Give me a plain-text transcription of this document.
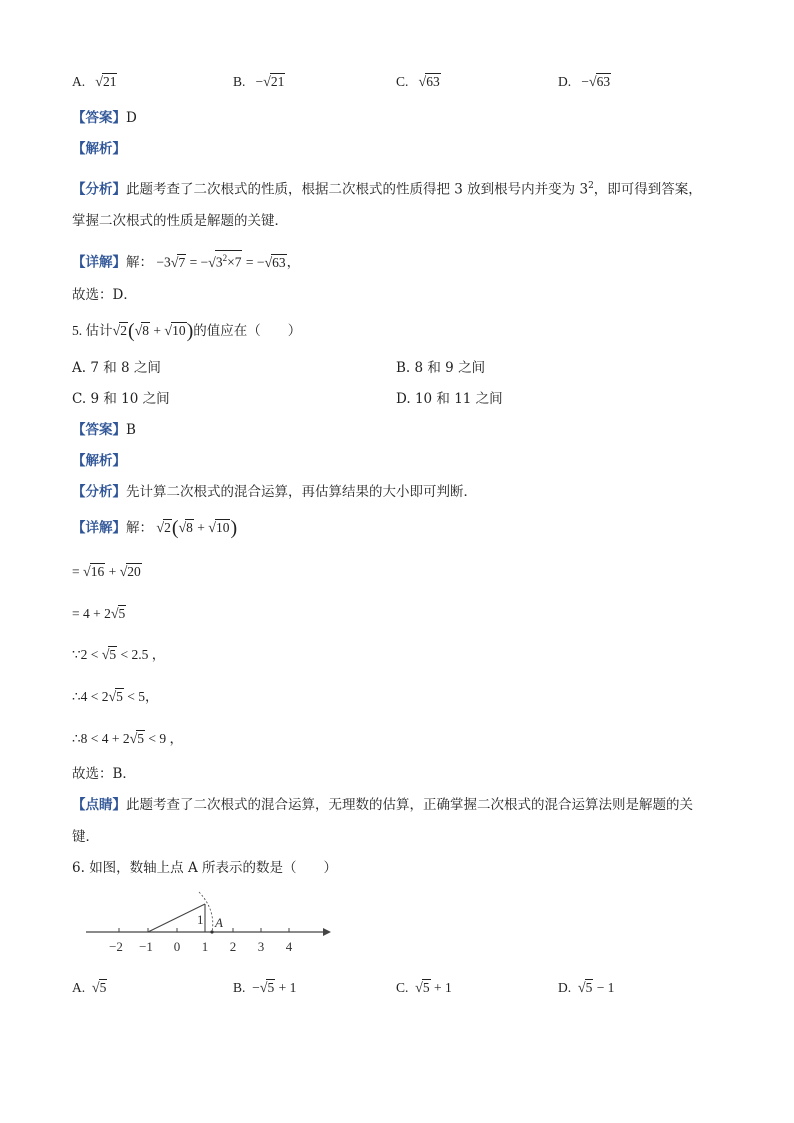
A. √21	B. −√21	C. √63	D. −√63
【答案】D
【解析】
【分析】此题考查了二次根式的性质，根据二次根式的性质得把 3 放到根号内并变为 $3^2$，即可得到答案，
掌握二次根式的性质是解题的关键．
【详解】解： $-3√7 = -√3^2\times 7 = -√63$，
故选：D．
5. 估计√2(√8 + √10)的值应在（　　）
A. 7 和 8 之间	B. 8 和 9 之间
C. 9 和 10 之间	D. 10 和 11 之间
【答案】B
【解析】
【分析】先计算二次根式的混合运算，再估算结果的大小即可判断．
【详解】解： √2(√8 + √10)
= √16 + √20
= 4 + 2√5
∵2 < √5 < 2.5 ，
∴4 < 2√5 < 5，
∴8 < 4 + 2√5 < 9 ，
故选：B．
【点睛】此题考查了二次根式的混合运算，无理数的估算，正确掌握二次根式的混合运算法则是解题的关
键．
6. 如图，数轴上点 A 所表示的数是（　　）
−2 −1 0 1 2 3 4
1 A
A. √5	B. −√5 + 1	C. √5 + 1	D. √5 − 1
